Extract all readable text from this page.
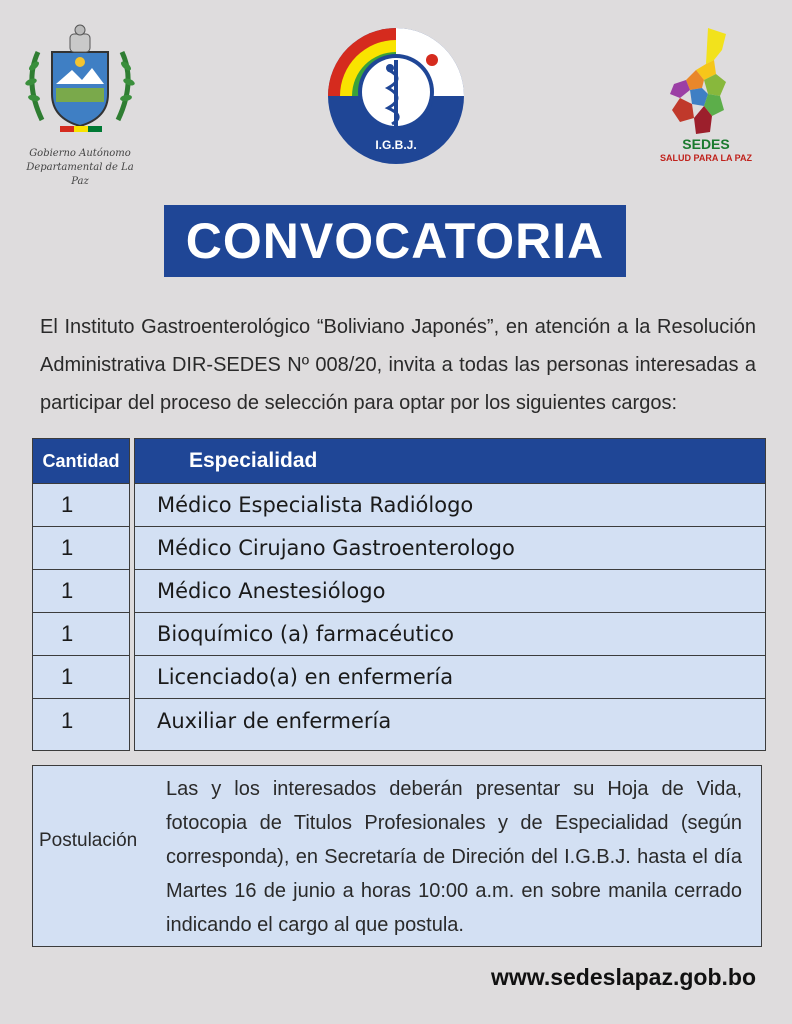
Gobierno Autónomo
Departamental de La Paz
I.G.B.J.	SEDES
SALUD PARA LA PAZ
CONVOCATORIA
El Instituto Gastroenterológico “Boliviano Japonés”, en atención a la Resolución Administrativa DIR-SEDES Nº 008/20, invita a todas las personas interesadas a participar del proceso de selección para optar por los siguientes cargos:
Cantidad
1
1
1
1
1
1
Especialidad
Médico Especialista Radiólogo
Médico Cirujano Gastroenterologo
Médico Anestesiólogo
Bioquímico (a) farmacéutico
Licenciado(a) en enfermería
Auxiliar de enfermería
Postulación
Las y los interesados deberán presentar su Hoja de Vida, fotocopia de Titulos Profesionales y de Especialidad (según corresponda), en Secretaría de Direción del I.G.B.J. hasta el día Martes 16 de junio a horas 10:00 a.m. en sobre manila cerrado indicando el cargo al que postula.
www.sedeslapaz.gob.bo
